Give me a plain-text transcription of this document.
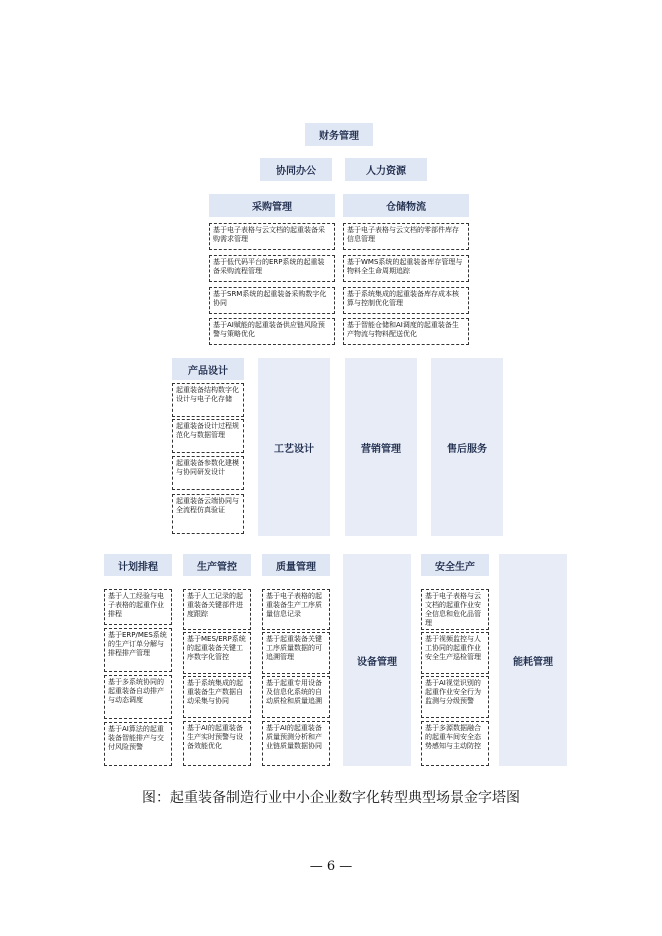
财务管理
协同办公	人力资源
采购管理
基于电子表格与云文档的起重装备采购需求管理
基于低代码平台的ERP系统的起重装备采购流程管理
基于SRM系统的起重装备采购数字化协同
基于AI赋能的起重装备供应链风险预警与策略优化
仓储物流
基于电子表格与云文档的零部件库存信息管理
基于WMS系统的起重装备库存管理与物料全生命周期追踪
基于系统集成的起重装备库存成本核算与控制优化管理
基于智能仓储和AI调度的起重装备生产物流与物料配送优化
产品设计
起重装备结构数字化设计与电子化存储
起重装备设计过程规范化与数据管理
起重装备参数化建模与协同研发设计
起重装备云端协同与全流程仿真验证
工艺设计	营销管理	售后服务
计划排程
基于人工经验与电子表格的起重作业排程
基于ERP/MES系统的生产订单分解与排程排产管理
基于多系统协同的起重装备自动排产与动态调度
基于AI算法的起重装备智能排产与交付风险预警
生产管控
基于人工记录的起重装备关键部件进度跟踪
基于MES/ERP系统的起重装备关键工序数字化管控
基于系统集成的起重装备生产数据自动采集与协同
基于AI的起重装备生产实时预警与设备效能优化
质量管理
基于电子表格的起重装备生产工序质量信息记录
基于起重装备关键工序质量数据的可追溯管理
基于起重专用设备及信息化系统的自动质检和质量追溯
基于AI的起重装备质量预测分析和产业链质量数据协同
设备管理
安全生产
基于电子表格与云文档的起重作业安全信息和危化品管理
基于视频监控与人工协同的起重作业安全生产巡检管理
基于AI视觉识别的起重作业安全行为监测与分级预警
基于多源数据融合的起重车间安全态势感知与主动防控
能耗管理
图：起重装备制造行业中小企业数字化转型典型场景金字塔图
— 6 —
